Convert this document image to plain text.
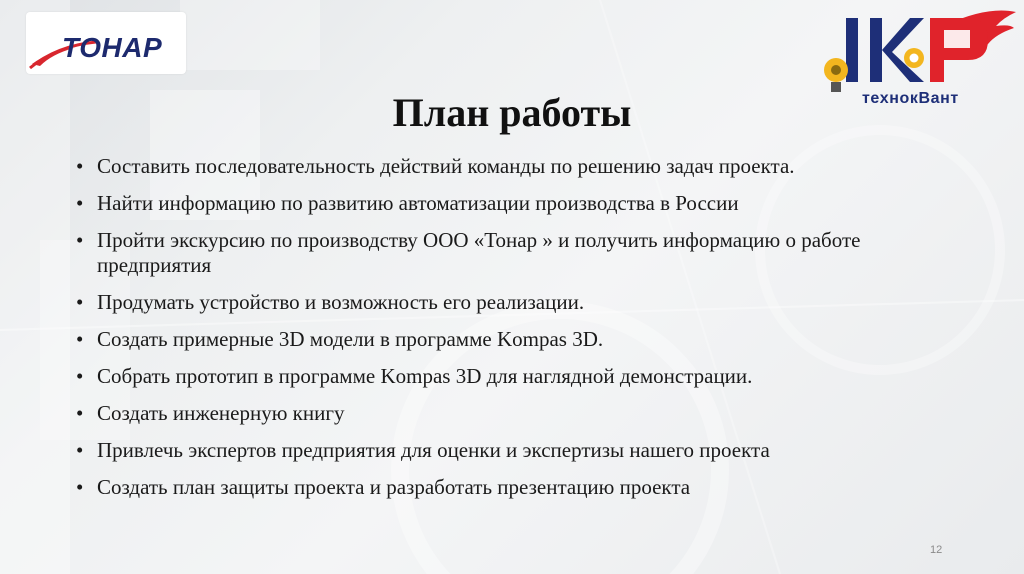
ТОНАР
технокВант
План работы
• Составить последовательность действий команды по решению задач проекта.
• Найти информацию по развитию автоматизации производства в России
• Пройти экскурсию по производству ООО «Тонар » и получить информацию о работе предприятия
• Продумать устройство и возможность его реализации.
• Создать примерные 3D модели в программе Kompas 3D.
• Собрать прототип в программе Kompas 3D для наглядной демонстрации.
• Создать инженерную книгу
• Привлечь экспертов предприятия для оценки и экспертизы нашего проекта
• Создать план защиты проекта и разработать презентацию проекта
12
